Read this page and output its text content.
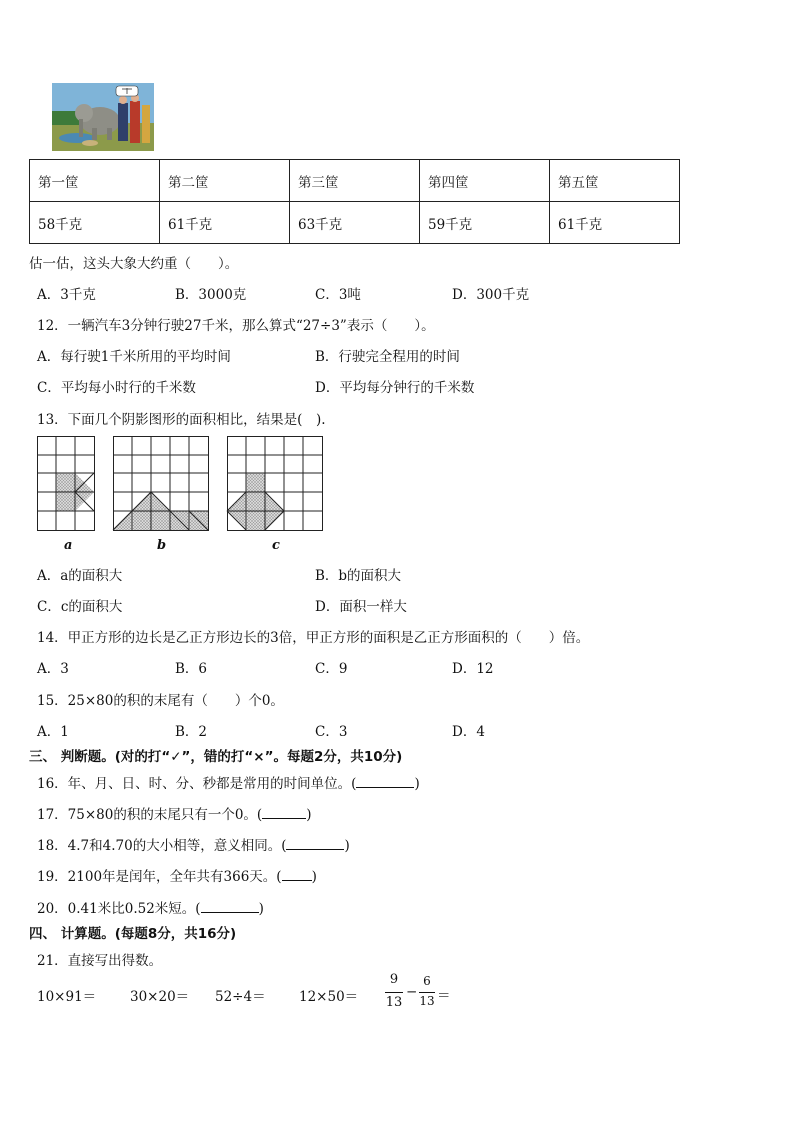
第一筐	第二筐	第三筐	第四筐	第五筐
58千克	61千克	63千克	59千克	61千克
估一估，这头大象大约重（　　）。
A．3千克	B．3000克	C．3吨	D．300千克
12．一辆汽车3分钟行驶27千米，那么算式“27÷3”表示（　　）。
A．每行驶1千米所用的平均时间	B．行驶完全程用的时间
C．平均每小时行的千米数	D．平均每分钟行的千米数
13．下面几个阴影图形的面积相比，结果是(　).
a	b	c
A．a的面积大	B．b的面积大
C．c的面积大	D．面积一样大
14．甲正方形的边长是乙正方形边长的3倍，甲正方形的面积是乙正方形面积的（　　）倍。
A．3	B．6	C．9	D．12
15．25×80的积的末尾有（　　）个0。
A．1	B．2	C．3	D．4
三、 判断题。(对的打“✓”，错的打“×”。每题2分，共10分)
16．年、月、日、时、分、秒都是常用的时间单位。(	)
17．75×80的积的末尾只有一个0。(	)
18．4.7和4.70的大小相等，意义相同。(	)
19．2100年是闰年，全年共有366天。( )
20．0.41米比0.52米短。(	)
四、 计算题。(每题8分，共16分)
21．直接写出得数。
10×91＝	30×20＝ 52÷4＝ 12×50＝
9
13
−
6
13 ＝
